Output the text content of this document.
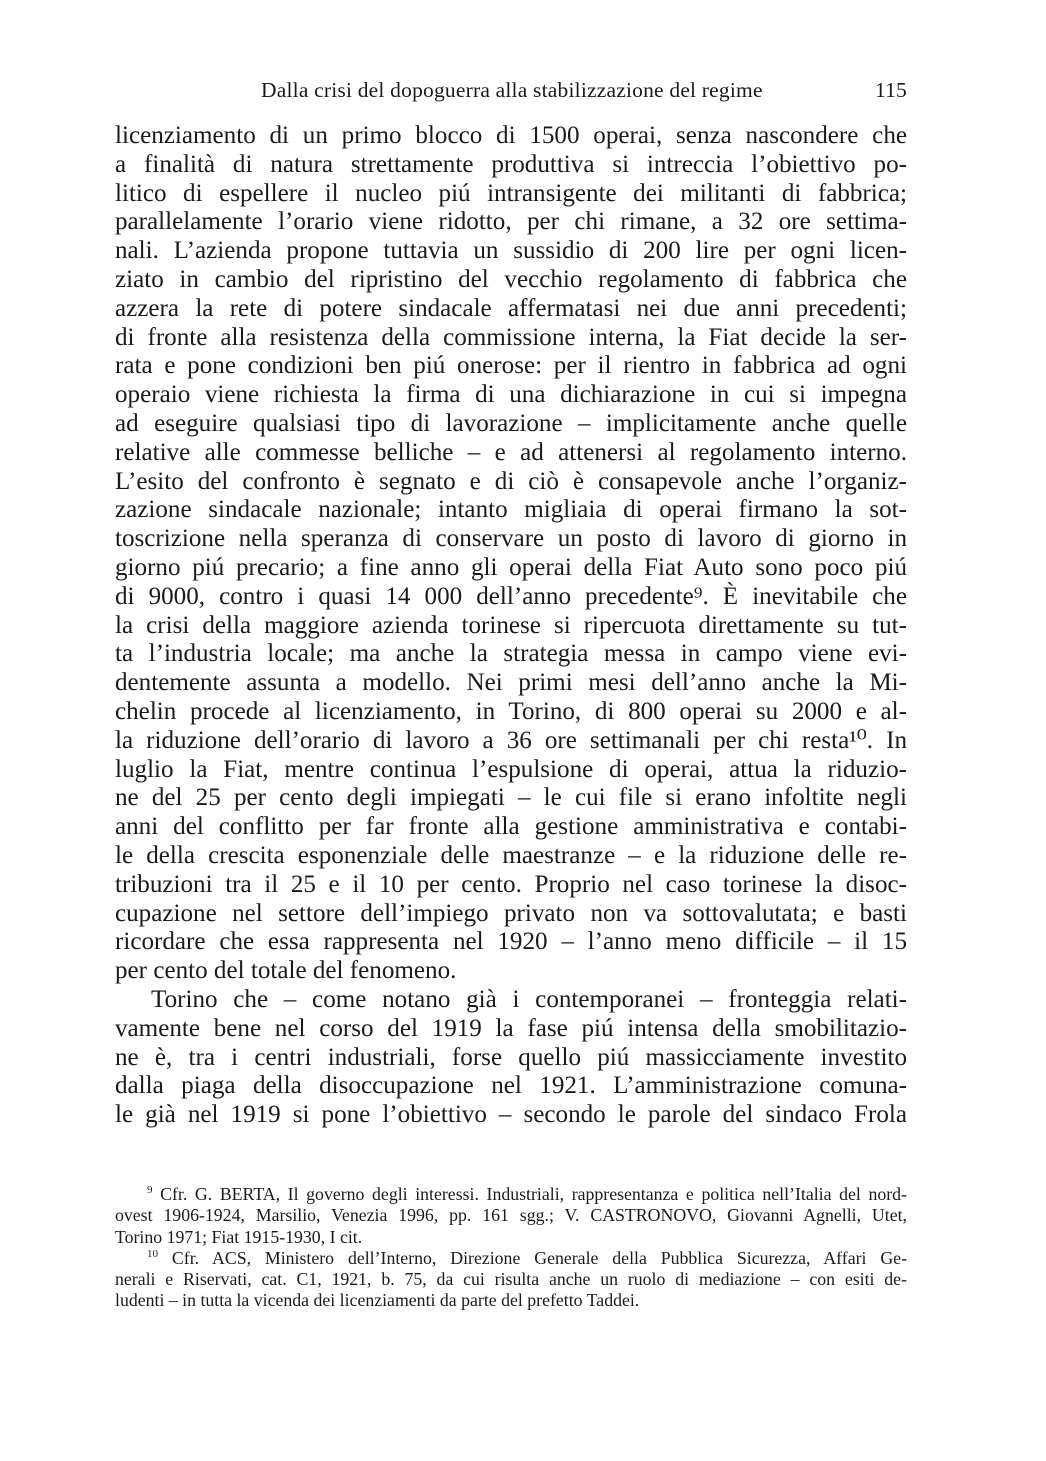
Dalla crisi del dopoguerra alla stabilizzazione del regime	115
licenziamento di un primo blocco di 1500 operai, senza nascondere che
a finalità di natura strettamente produttiva si intreccia l’obiettivo po-
litico di espellere il nucleo piú intransigente dei militanti di fabbrica;
parallelamente l’orario viene ridotto, per chi rimane, a 32 ore settima-
nali. L’azienda propone tuttavia un sussidio di 200 lire per ogni licen-
ziato in cambio del ripristino del vecchio regolamento di fabbrica che
azzera la rete di potere sindacale affermatasi nei due anni precedenti;
di fronte alla resistenza della commissione interna, la Fiat decide la ser-
rata e pone condizioni ben piú onerose: per il rientro in fabbrica ad ogni
operaio viene richiesta la firma di una dichiarazione in cui si impegna
ad eseguire qualsiasi tipo di lavorazione – implicitamente anche quelle
relative alle commesse belliche – e ad attenersi al regolamento interno.
L’esito del confronto è segnato e di ciò è consapevole anche l’organiz-
zazione sindacale nazionale; intanto migliaia di operai firmano la sot-
toscrizione nella speranza di conservare un posto di lavoro di giorno in
giorno piú precario; a fine anno gli operai della Fiat Auto sono poco piú
di 9000, contro i quasi 14 000 dell’anno precedente⁹. È inevitabile che
la crisi della maggiore azienda torinese si ripercuota direttamente su tut-
ta l’industria locale; ma anche la strategia messa in campo viene evi-
dentemente assunta a modello. Nei primi mesi dell’anno anche la Mi-
chelin procede al licenziamento, in Torino, di 800 operai su 2000 e al-
la riduzione dell’orario di lavoro a 36 ore settimanali per chi resta¹⁰. In
luglio la Fiat, mentre continua l’espulsione di operai, attua la riduzio-
ne del 25 per cento degli impiegati – le cui file si erano infoltite negli
anni del conflitto per far fronte alla gestione amministrativa e contabi-
le della crescita esponenziale delle maestranze – e la riduzione delle re-
tribuzioni tra il 25 e il 10 per cento. Proprio nel caso torinese la disoc-
cupazione nel settore dell’impiego privato non va sottovalutata; e basti
ricordare che essa rappresenta nel 1920 – l’anno meno difficile – il 15
per cento del totale del fenomeno.
Torino che – come notano già i contemporanei – fronteggia relati-
vamente bene nel corso del 1919 la fase piú intensa della smobilitazio-
ne è, tra i centri industriali, forse quello piú massicciamente investito
dalla piaga della disoccupazione nel 1921. L’amministrazione comuna-
le già nel 1919 si pone l’obiettivo – secondo le parole del sindaco Frola
$^9$ Cfr. G. BERTA, Il governo degli interessi. Industriali, rappresentanza e politica nell’Italia del nord-
ovest 1906-1924, Marsilio, Venezia 1996, pp. 161 sgg.; V. CASTRONOVO, Giovanni Agnelli, Utet,
Torino 1971; Fiat 1915-1930, I cit.
$^{10}$ Cfr. ACS, Ministero dell’Interno, Direzione Generale della Pubblica Sicurezza, Affari Ge-
nerali e Riservati, cat. C1, 1921, b. 75, da cui risulta anche un ruolo di mediazione – con esiti de-
ludenti – in tutta la vicenda dei licenziamenti da parte del prefetto Taddei.
